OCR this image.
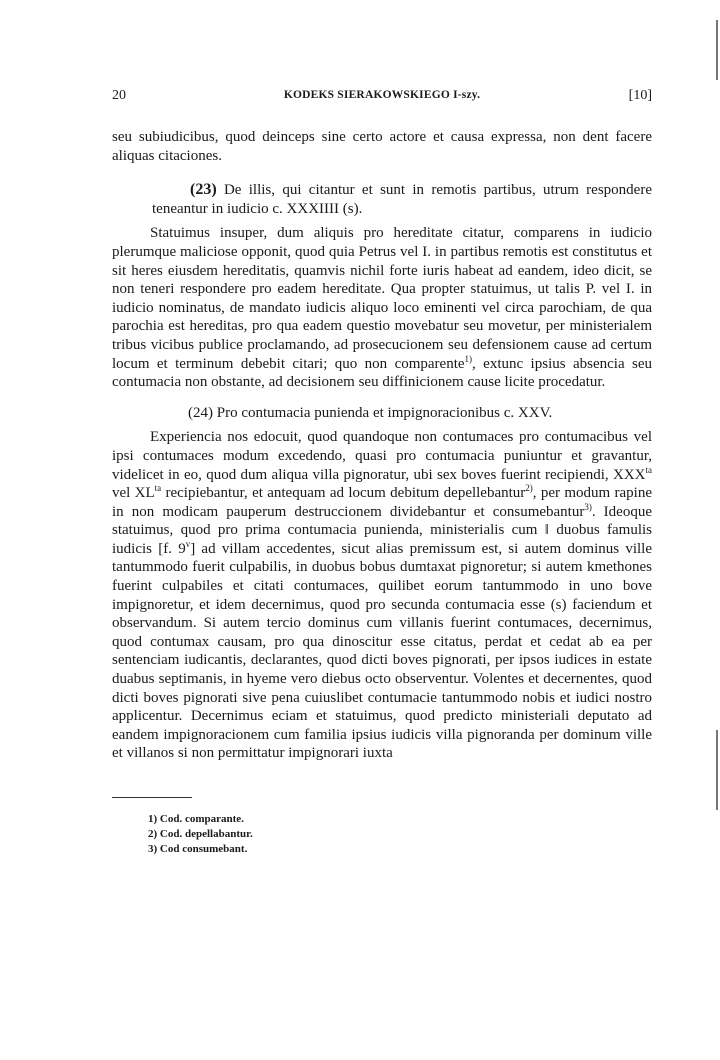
20	KODEKS SIERAKOWSKIEGO I-szy.	[10]

seu subiudicibus, quod deinceps sine certo actore et causa expressa, non dent facere aliquas citaciones.

(23) De illis, qui citantur et sunt in remotis partibus, utrum respondere teneantur in iudicio c. XXXIIII (s).

Statuimus insuper, dum aliquis pro hereditate citatur, comparens in iudicio plerumque maliciose opponit, quod quia Petrus vel I. in partibus remotis est constitutus et sit heres eiusdem hereditatis, quamvis nichil forte iuris habeat ad eandem, ideo dicit, se non teneri respondere pro eadem hereditate. Qua propter statuimus, ut talis P. vel I. in iudicio nominatus, de mandato iudicis aliquo loco eminenti vel circa parochiam, de qua parochia est hereditas, pro qua eadem questio movebatur seu movetur, per ministerialem tribus vicibus publice proclamando, ad prosecucionem seu defensionem cause ad certum locum et terminum debebit citari; quo non comparente$^{1)}$, extunc ipsius absencia seu contumacia non obstante, ad decisionem seu diffinicionem cause licite procedatur.

(24) Pro contumacia punienda et impignoracionibus c. XXV.

Experiencia nos edocuit, quod quandoque non contumaces pro contumacibus vel ipsi contumaces modum excedendo, quasi pro contumacia puniuntur et gravantur, videlicet in eo, quod dum aliqua villa pignoratur, ubi sex boves fuerint recipiendi, $XXX^{ta}$ vel $XL^{ta}$ recipiebantur, et antequam ad locum debitum depellebantur$^{2)}$, per modum rapine in non modicam pauperum destruccionem dividebantur et consumebantur$^{3)}$. Ideoque statuimus, quod pro prima contumacia punienda, ministerialis cum ‖ duobus famulis iudicis [f. 9$^v$] ad villam accedentes, sicut alias premissum est, si autem dominus ville tantummodo fuerit culpabilis, in duobus bobus dumtaxat pignoretur; si autem kmethones fuerint culpabiles et citati contumaces, quilibet eorum tantummodo in uno bove impignoretur, et idem decernimus, quod pro secunda contumacia esse (s) faciendum et observandum. Si autem tercio dominus cum villanis fuerint contumaces, decernimus, quod contumax causam, pro qua dinoscitur esse citatus, perdat et cedat ab ea per sentenciam iudicantis, declarantes, quod dicti boves pignorati, per ipsos iudices in estate duabus septimanis, in hyeme vero diebus octo observentur. Volentes et decernentes, quod dicti boves pignorati sive pena cuiuslibet contumacie tantummodo nobis et iudici nostro applicentur. Decernimus eciam et statuimus, quod predicto ministeriali deputato ad eandem impignoracionem cum familia ipsius iudicis villa pignoranda per dominum ville et villanos si non permittatur impignorari iuxta

1) Cod. comparante.
2) Cod. depellabantur.
3) Cod consumebant.
